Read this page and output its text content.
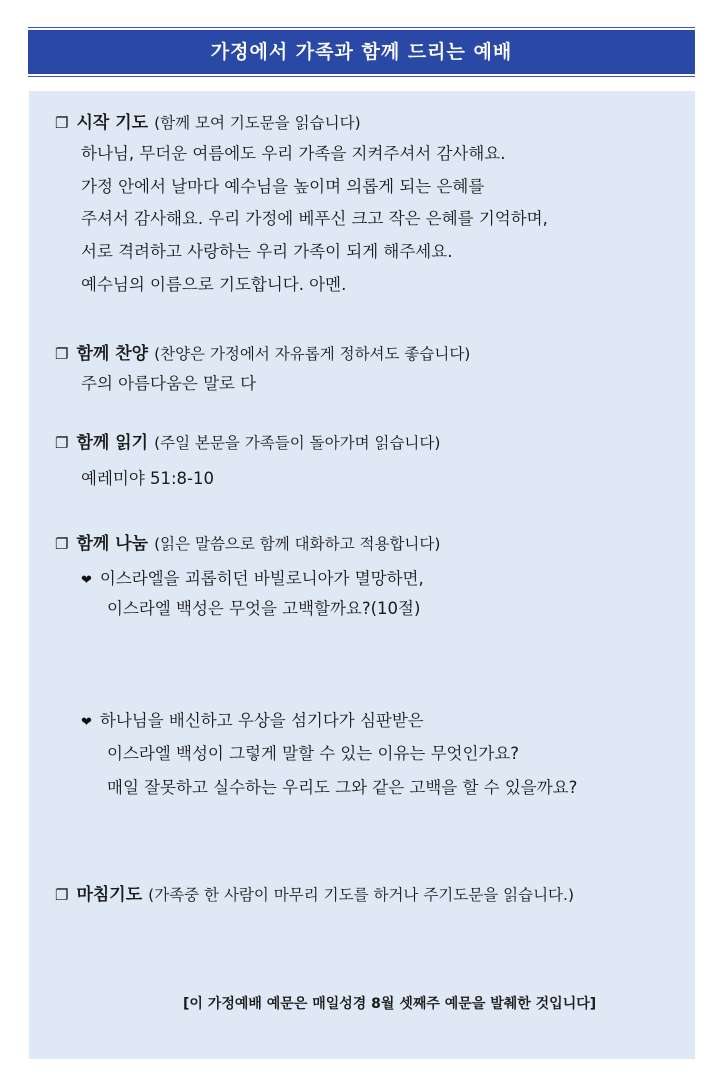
가정에서 가족과 함께 드리는 예배
❐ 시작 기도 (함께 모여 기도문을 읽습니다)
하나님, 무더운 여름에도 우리 가족을 지켜주셔서 감사해요.
가정 안에서 날마다 예수님을 높이며 의롭게 되는 은혜를
주셔서 감사해요. 우리 가정에 베푸신 크고 작은 은혜를 기억하며,
서로 격려하고 사랑하는 우리 가족이 되게 해주세요.
예수님의 이름으로 기도합니다. 아멘.
❐ 함께 찬양 (찬양은 가정에서 자유롭게 정하셔도 좋습니다)
주의 아름다움은 말로 다
❐ 함께 읽기 (주일 본문을 가족들이 돌아가며 읽습니다)
예레미야 51:8-10
❐ 함께 나눔 (읽은 말씀으로 함께 대화하고 적용합니다)
❤ 이스라엘을 괴롭히던 바빌로니아가 멸망하면,
이스라엘 백성은 무엇을 고백할까요?(10절)
❤ 하나님을 배신하고 우상을 섬기다가 심판받은
이스라엘 백성이 그렇게 말할 수 있는 이유는 무엇인가요?
매일 잘못하고 실수하는 우리도 그와 같은 고백을 할 수 있을까요?
❐ 마침기도 (가족중 한 사람이 마무리 기도를 하거나 주기도문을 읽습니다.)
[이 가정예배 예문은 매일성경 8월 셋째주 예문을 발췌한 것입니다]
